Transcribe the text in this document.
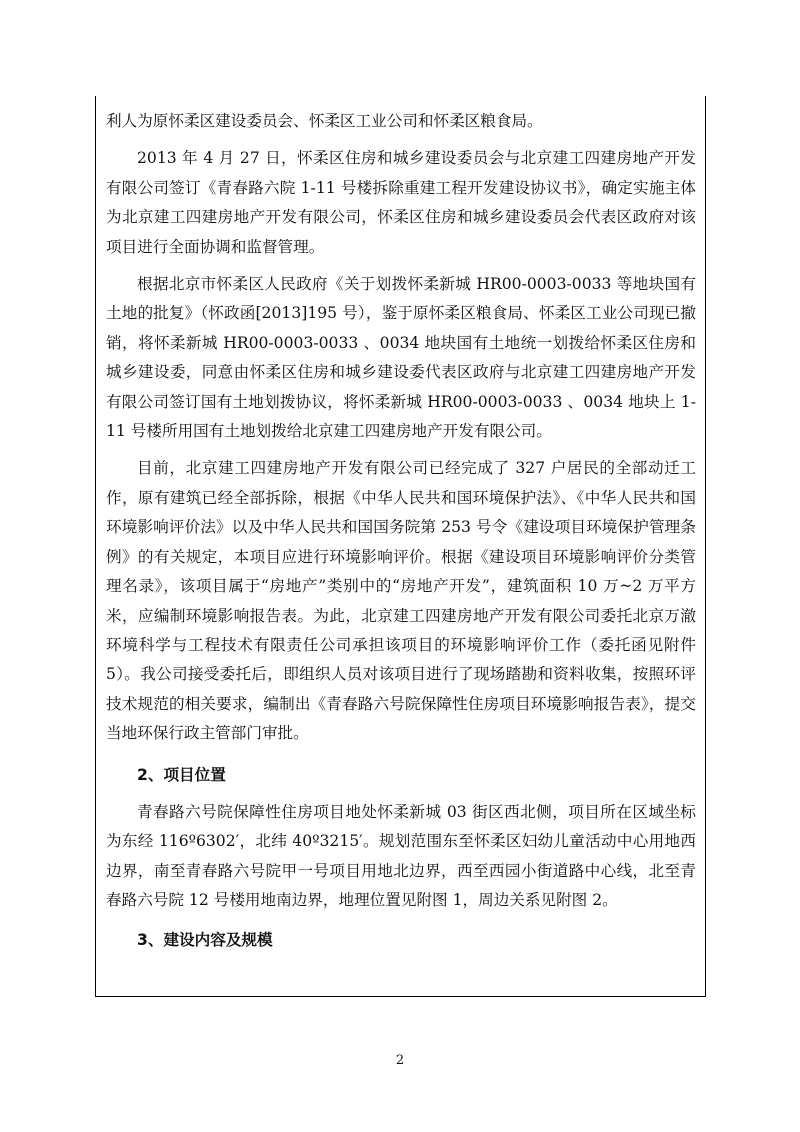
利人为原怀柔区建设委员会、怀柔区工业公司和怀柔区粮食局。

2013 年 4 月 27 日，怀柔区住房和城乡建设委员会与北京建工四建房地产开发有限公司签订《青春路六院 1-11 号楼拆除重建工程开发建设协议书》，确定实施主体为北京建工四建房地产开发有限公司，怀柔区住房和城乡建设委员会代表区政府对该项目进行全面协调和监督管理。

根据北京市怀柔区人民政府《关于划拨怀柔新城 HR00-0003-0033 等地块国有土地的批复》（怀政函[2013]195 号），鉴于原怀柔区粮食局、怀柔区工业公司现已撤销，将怀柔新城 HR00-0003-0033 、0034 地块国有土地统一划拨给怀柔区住房和城乡建设委，同意由怀柔区住房和城乡建设委代表区政府与北京建工四建房地产开发有限公司签订国有土地划拨协议，将怀柔新城 HR00-0003-0033 、0034 地块上 1-11 号楼所用国有土地划拨给北京建工四建房地产开发有限公司。

目前，北京建工四建房地产开发有限公司已经完成了 327 户居民的全部动迁工作，原有建筑已经全部拆除，根据《中华人民共和国环境保护法》、《中华人民共和国环境影响评价法》以及中华人民共和国国务院第 253 号令《建设项目环境保护管理条例》的有关规定，本项目应进行环境影响评价。根据《建设项目环境影响评价分类管理名录》，该项目属于“房地产”类别中的“房地产开发”，建筑面积 10 万~2 万平方米，应编制环境影响报告表。为此，北京建工四建房地产开发有限公司委托北京万澈环境科学与工程技术有限责任公司承担该项目的环境影响评价工作（委托函见附件 5）。我公司接受委托后，即组织人员对该项目进行了现场踏勘和资料收集，按照环评技术规范的相关要求，编制出《青春路六号院保障性住房项目环境影响报告表》，提交当地环保行政主管部门审批。

2、项目位置

青春路六号院保障性住房项目地处怀柔新城 03 街区西北侧，项目所在区域坐标为东经 116º6302′，北纬 40º3215′。规划范围东至怀柔区妇幼儿童活动中心用地西边界，南至青春路六号院甲一号项目用地北边界，西至西园小街道路中心线，北至青春路六号院 12 号楼用地南边界，地理位置见附图 1，周边关系见附图 2。

3、建设内容及规模
2
